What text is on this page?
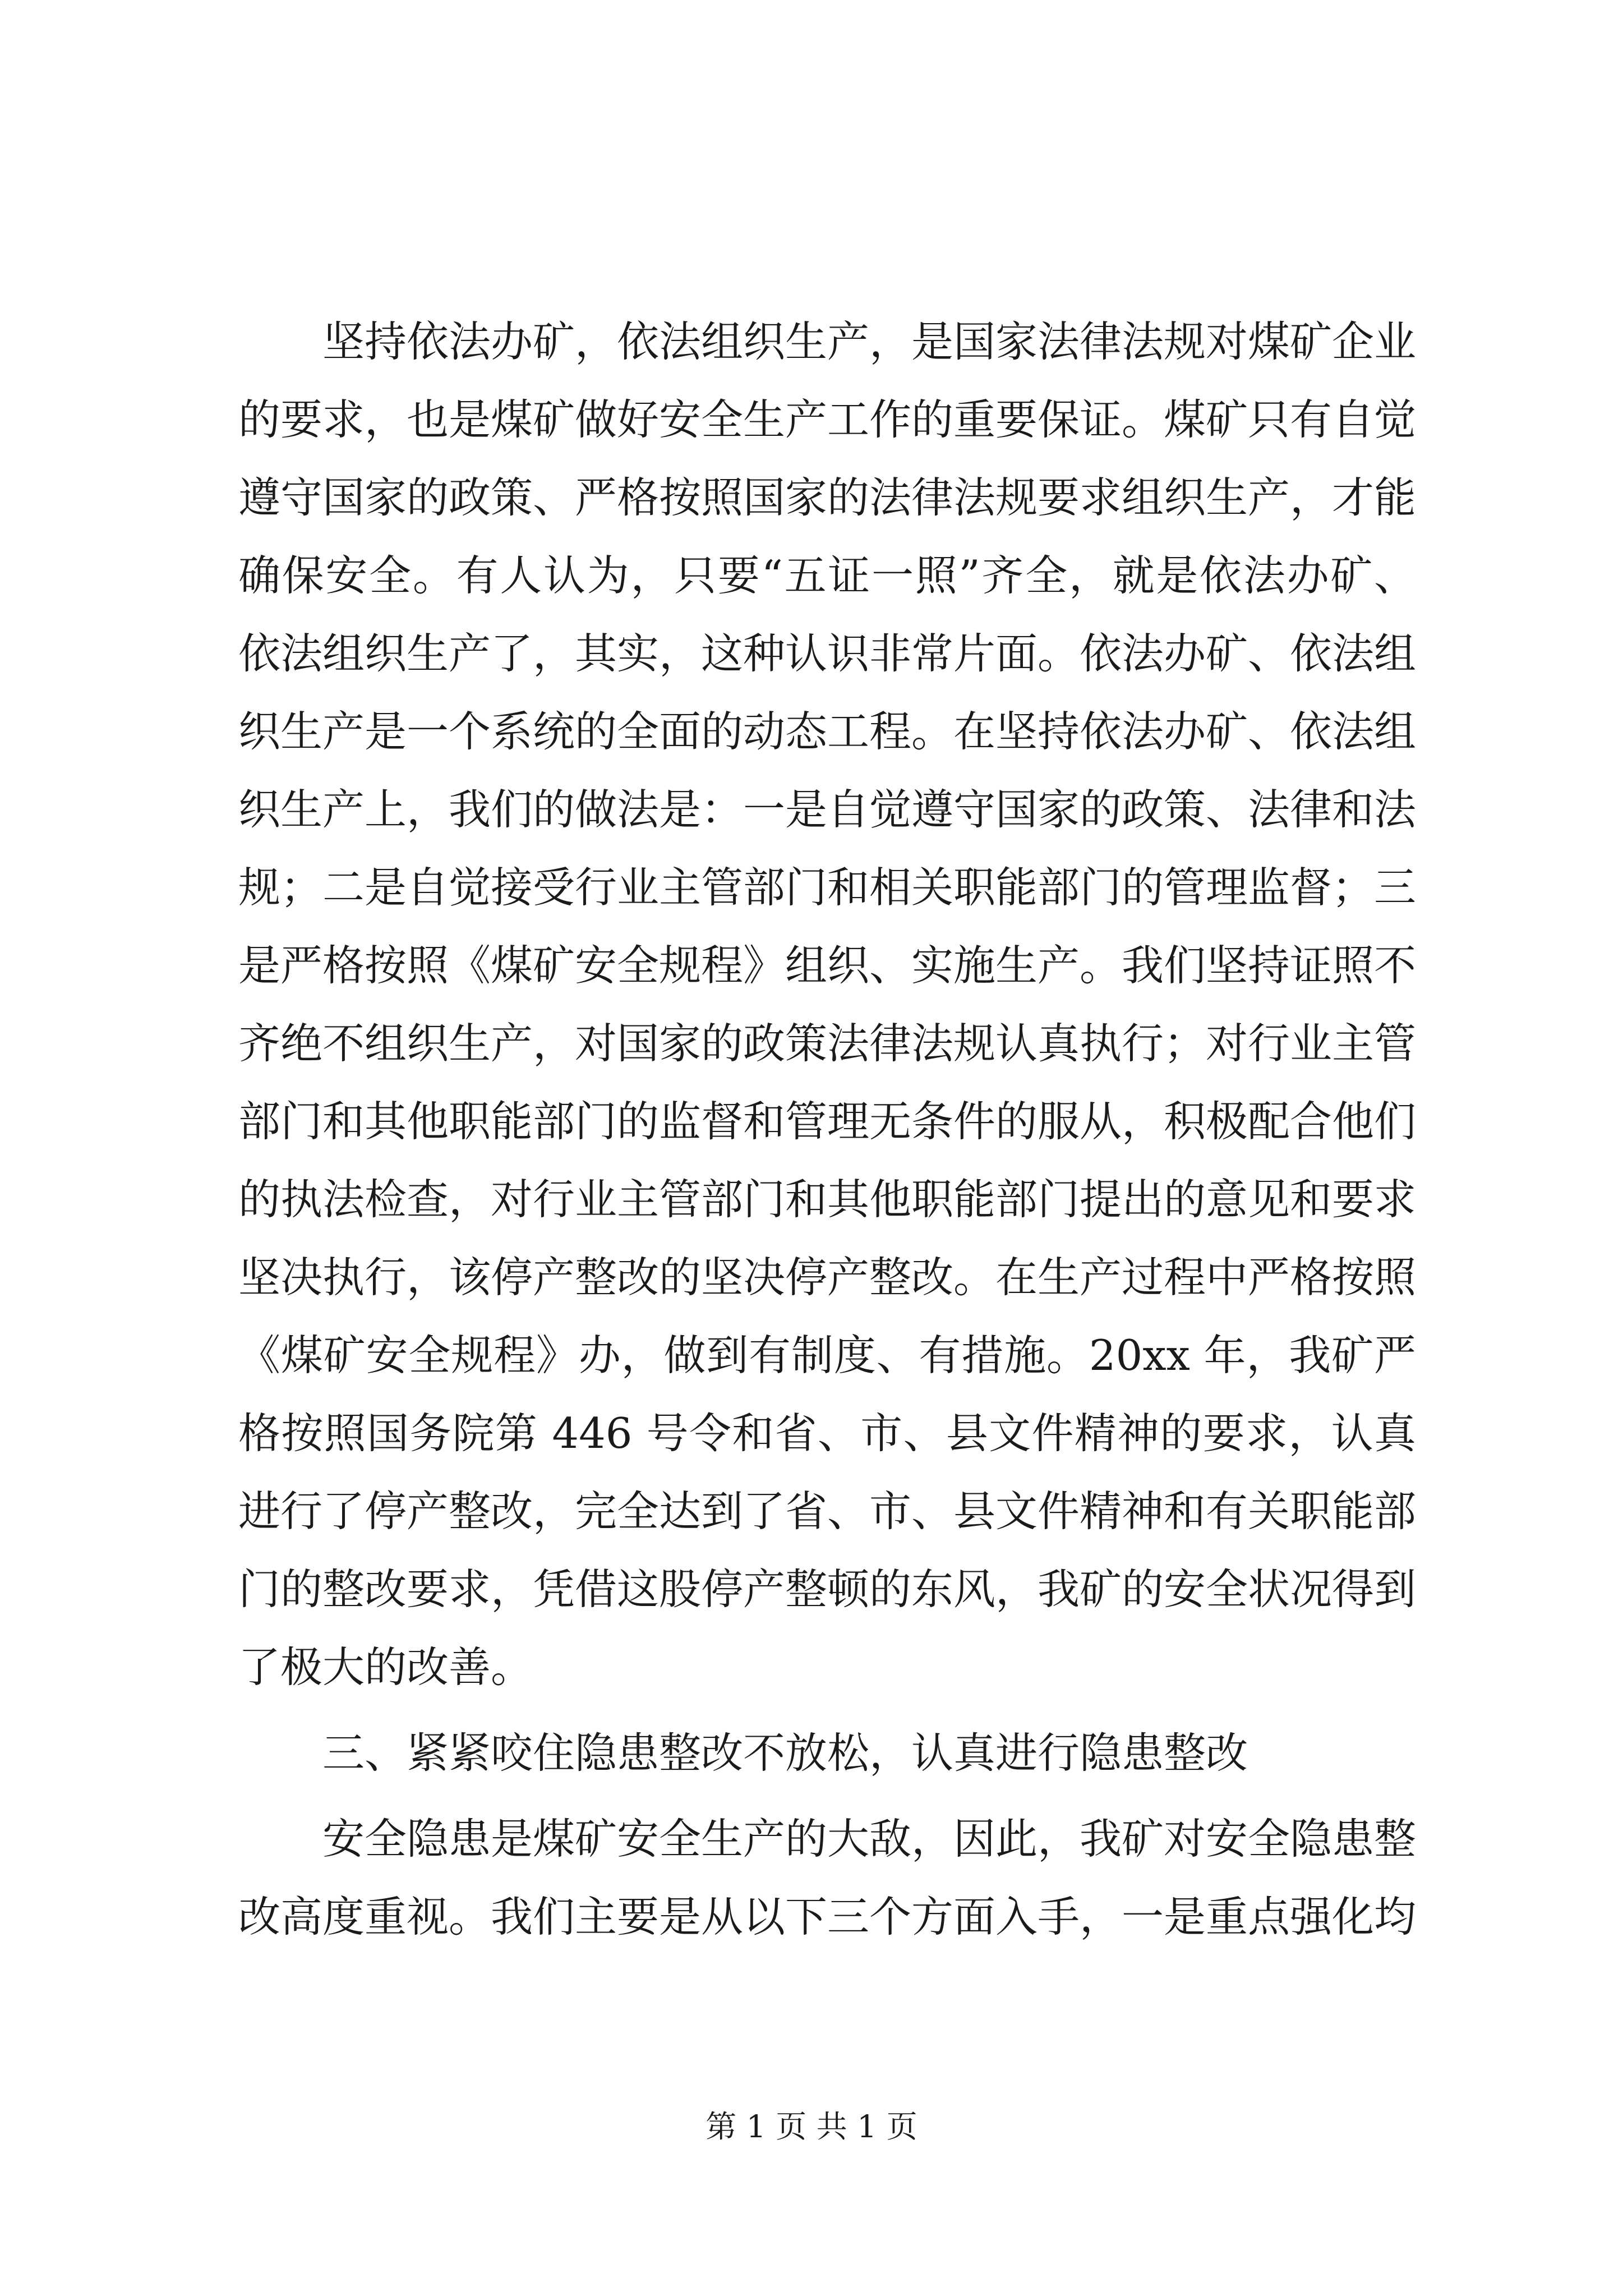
坚持依法办矿，依法组织生产，是国家法律法规对煤矿企业的要求，也是煤矿做好安全生产工作的重要保证。煤矿只有自觉遵守国家的政策、严格按照国家的法律法规要求组织生产，才能确保安全。有人认为，只要“五证一照”齐全，就是依法办矿、依法组织生产了，其实，这种认识非常片面。依法办矿、依法组织生产是一个系统的全面的动态工程。在坚持依法办矿、依法组织生产上，我们的做法是：一是自觉遵守国家的政策、法律和法规；二是自觉接受行业主管部门和相关职能部门的管理监督；三是严格按照《煤矿安全规程》组织、实施生产。我们坚持证照不齐绝不组织生产，对国家的政策法律法规认真执行；对行业主管部门和其他职能部门的监督和管理无条件的服从，积极配合他们的执法检查，对行业主管部门和其他职能部门提出的意见和要求坚决执行，该停产整改的坚决停产整改。在生产过程中严格按照《煤矿安全规程》办，做到有制度、有措施。20xx 年，我矿严格按照国务院第 446 号令和省、市、县文件精神的要求，认真进行了停产整改，完全达到了省、市、县文件精神和有关职能部门的整改要求，凭借这股停产整顿的东风，我矿的安全状况得到了极大的改善。

三、紧紧咬住隐患整改不放松，认真进行隐患整改

安全隐患是煤矿安全生产的大敌，因此，我矿对安全隐患整改高度重视。我们主要是从以下三个方面入手，一是重点强化均

第 1 页 共 1 页
